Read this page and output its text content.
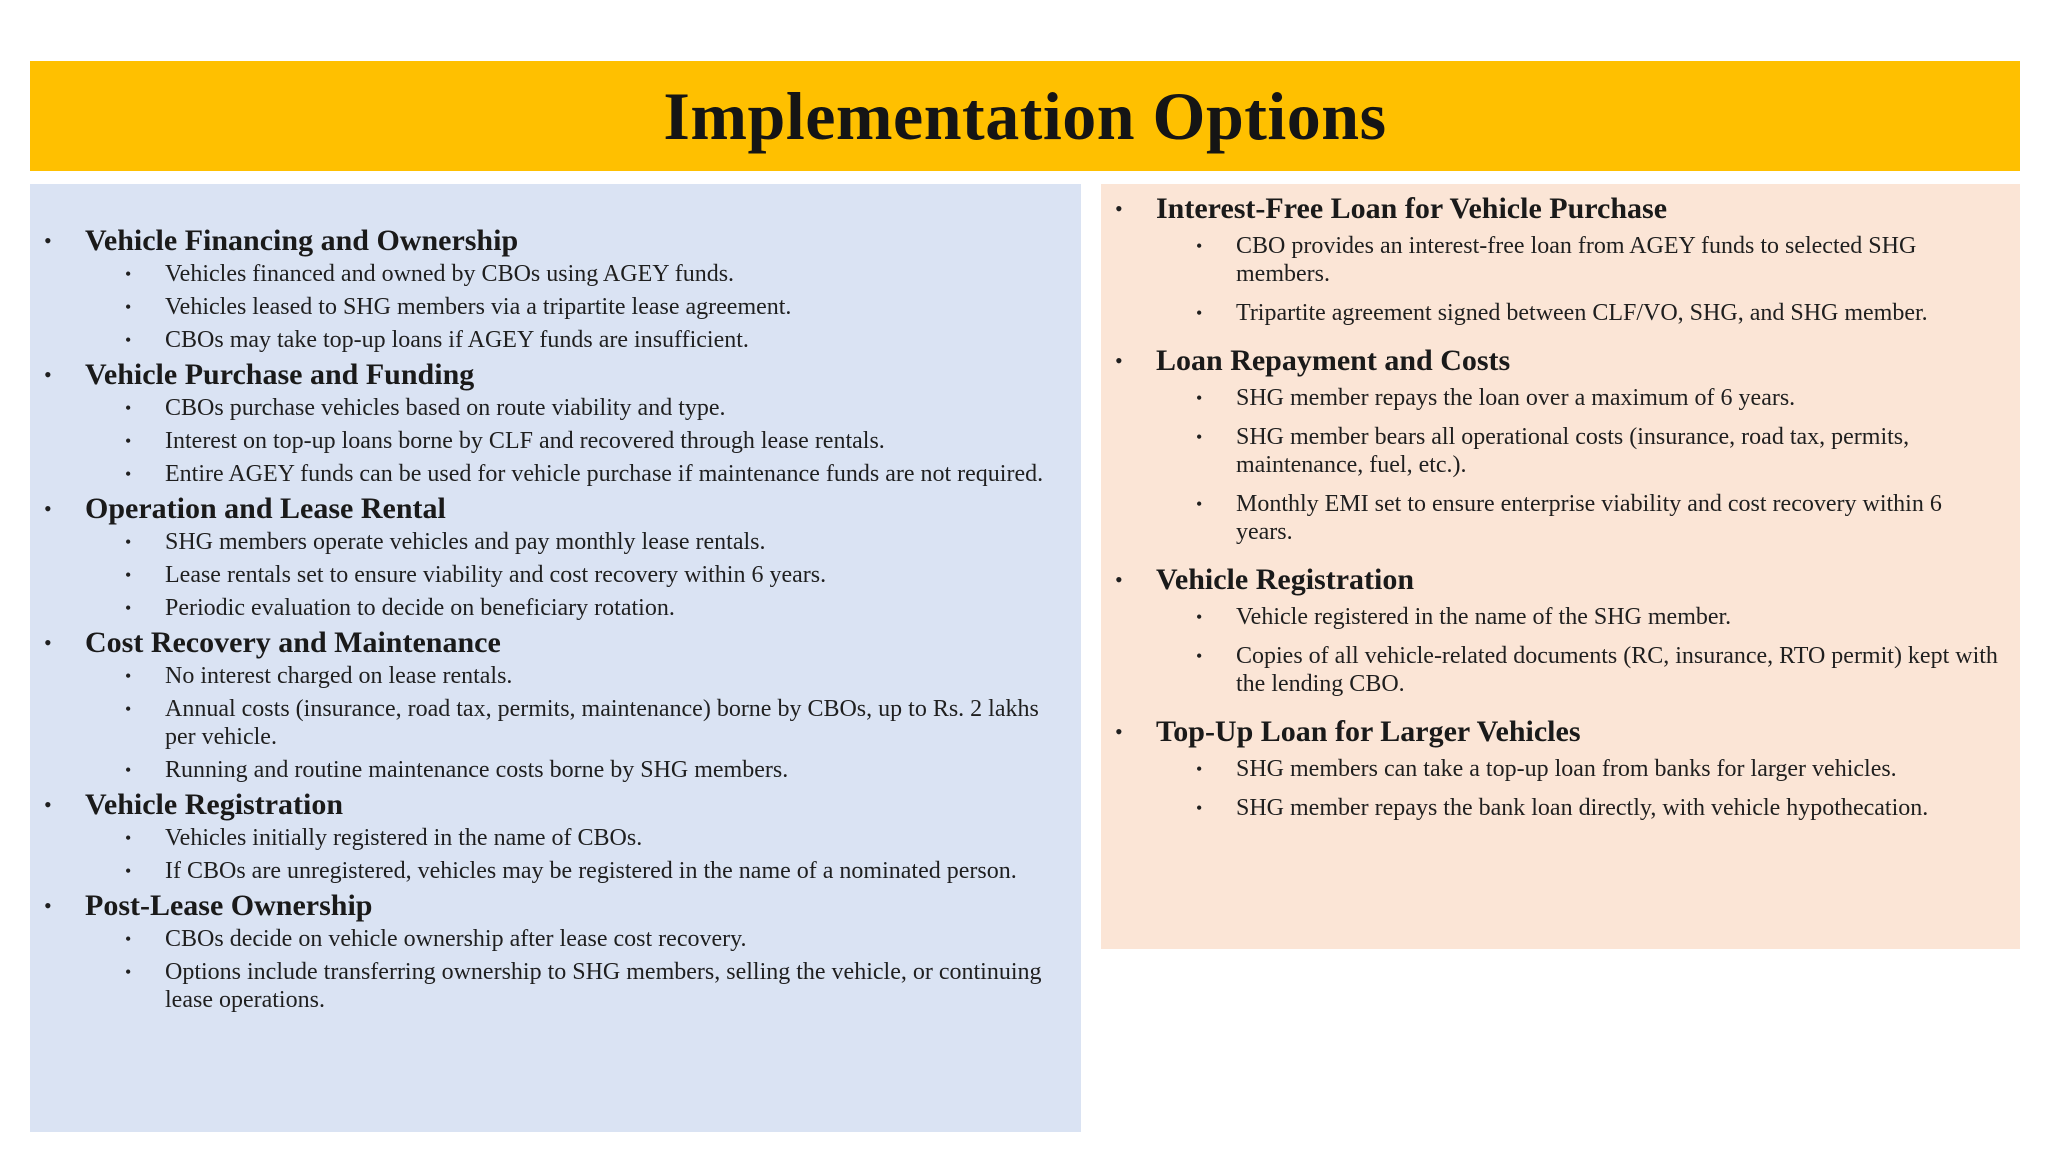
Implementation Options
• Vehicle Financing and Ownership
• Vehicles financed and owned by CBOs using AGEY funds.
• Vehicles leased to SHG members via a tripartite lease agreement.
• CBOs may take top-up loans if AGEY funds are insufficient.
• Vehicle Purchase and Funding
• CBOs purchase vehicles based on route viability and type.
• Interest on top-up loans borne by CLF and recovered through lease rentals.
• Entire AGEY funds can be used for vehicle purchase if maintenance funds are not required.
• Operation and Lease Rental
• SHG members operate vehicles and pay monthly lease rentals.
• Lease rentals set to ensure viability and cost recovery within 6 years.
• Periodic evaluation to decide on beneficiary rotation.
• Cost Recovery and Maintenance
• No interest charged on lease rentals.
• Annual costs (insurance, road tax, permits, maintenance) borne by CBOs, up to Rs. 2 lakhs per vehicle.
• Running and routine maintenance costs borne by SHG members.
• Vehicle Registration
• Vehicles initially registered in the name of CBOs.
• If CBOs are unregistered, vehicles may be registered in the name of a nominated person.
• Post-Lease Ownership
• CBOs decide on vehicle ownership after lease cost recovery.
• Options include transferring ownership to SHG members, selling the vehicle, or continuing lease operations.
• Interest-Free Loan for Vehicle Purchase
• CBO provides an interest-free loan from AGEY funds to selected SHG members.
• Tripartite agreement signed between CLF/VO, SHG, and SHG member.
• Loan Repayment and Costs
• SHG member repays the loan over a maximum of 6 years.
• SHG member bears all operational costs (insurance, road tax, permits, maintenance, fuel, etc.).
• Monthly EMI set to ensure enterprise viability and cost recovery within 6 years.
• Vehicle Registration
• Vehicle registered in the name of the SHG member.
• Copies of all vehicle-related documents (RC, insurance, RTO permit) kept with the lending CBO.
• Top-Up Loan for Larger Vehicles
• SHG members can take a top-up loan from banks for larger vehicles.
• SHG member repays the bank loan directly, with vehicle hypothecation.
